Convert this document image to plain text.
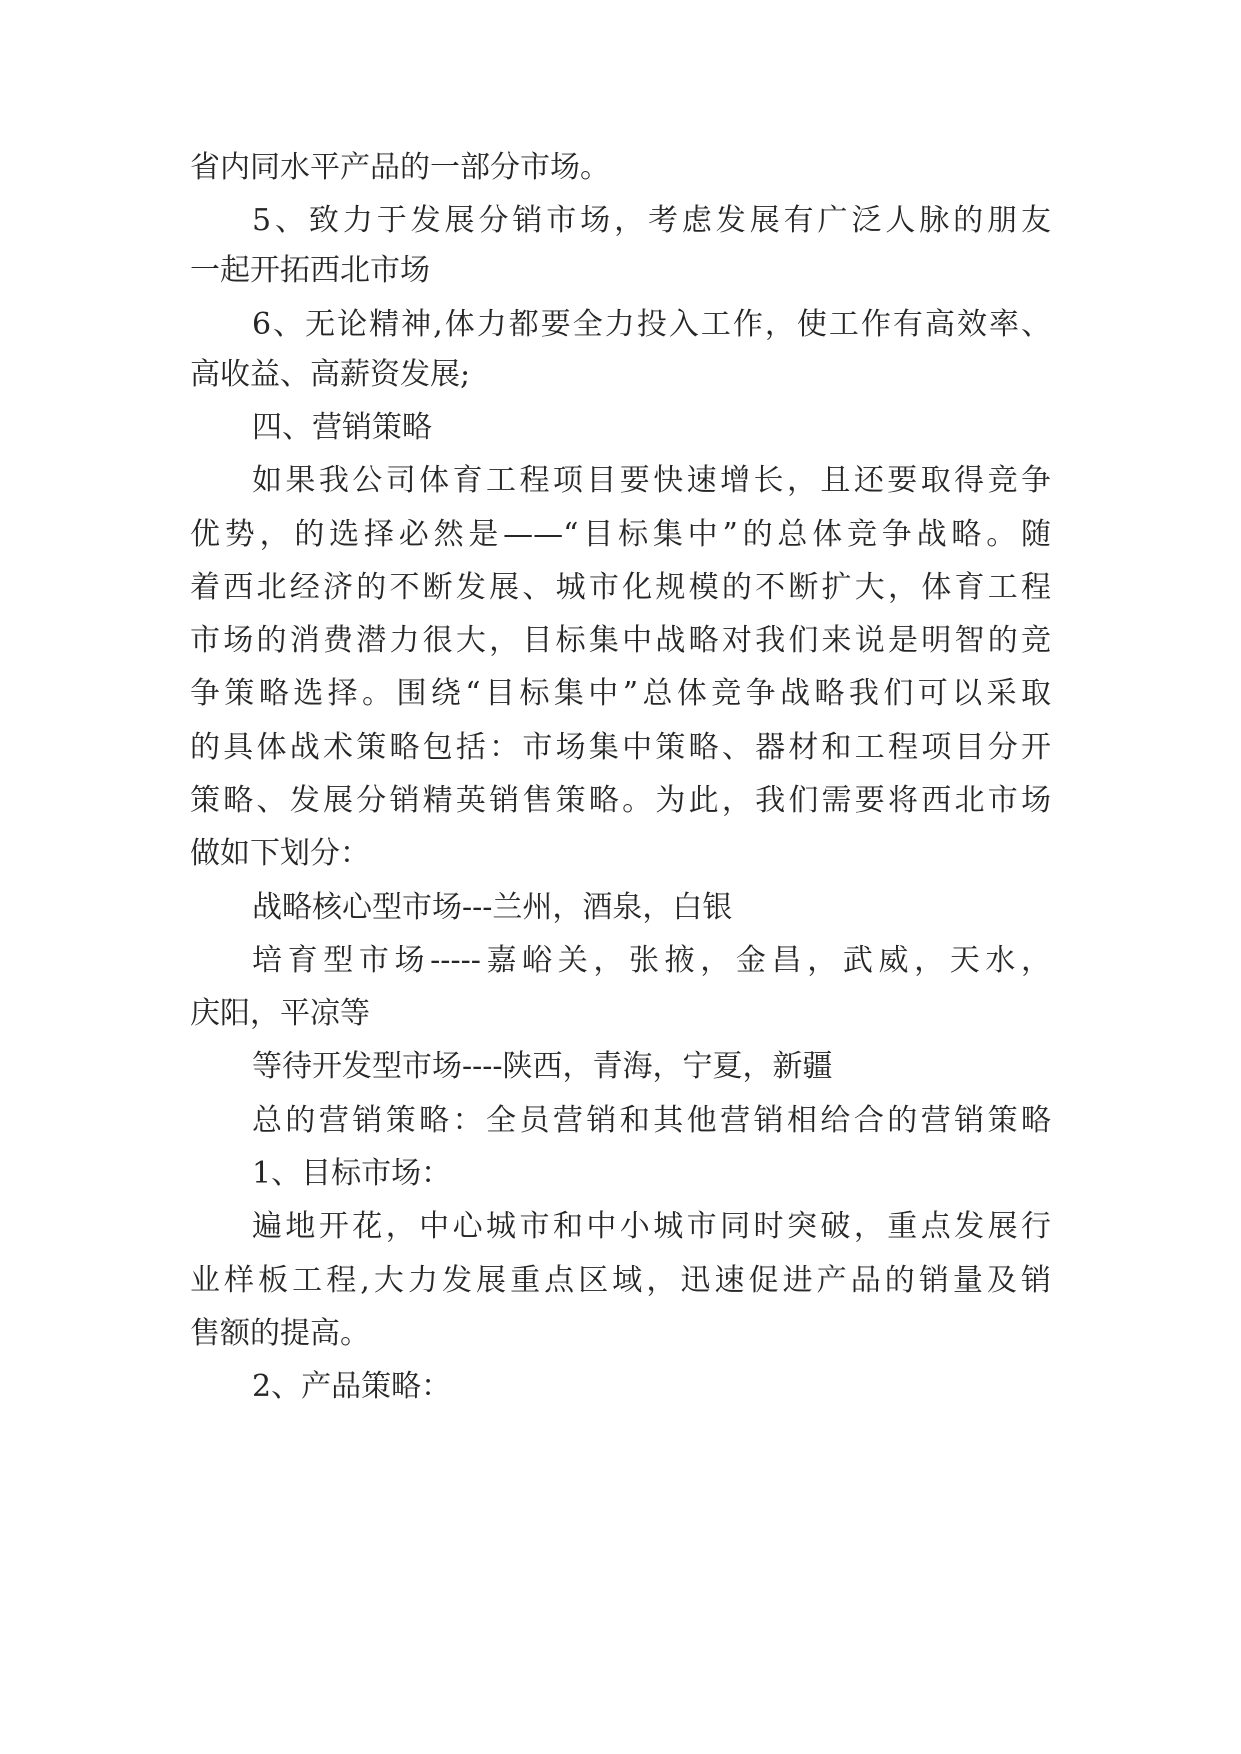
省内同水平产品的一部分市场。

5、致力于发展分销市场，考虑发展有广泛人脉的朋友

一起开拓西北市场

6、无论精神,体力都要全力投入工作，使工作有高效率、

高收益、高薪资发展;

四、营销策略

如果我公司体育工程项目要快速增长，且还要取得竞争

优势，的选择必然是——“目标集中”的总体竞争战略。随

着西北经济的不断发展、城市化规模的不断扩大，体育工程

市场的消费潜力很大，目标集中战略对我们来说是明智的竞

争策略选择。围绕“目标集中”总体竞争战略我们可以采取

的具体战术策略包括：市场集中策略、器材和工程项目分开

策略、发展分销精英销售策略。为此，我们需要将西北市场

做如下划分：

战略核心型市场---兰州，酒泉，白银

培育型市场-----嘉峪关，张掖，金昌，武威，天水，

庆阳，平凉等

等待开发型市场----陕西，青海，宁夏，新疆

总的营销策略：全员营销和其他营销相给合的营销策略

1、目标市场：

遍地开花，中心城市和中小城市同时突破，重点发展行

业样板工程,大力发展重点区域，迅速促进产品的销量及销

售额的提高。

2、产品策略：
